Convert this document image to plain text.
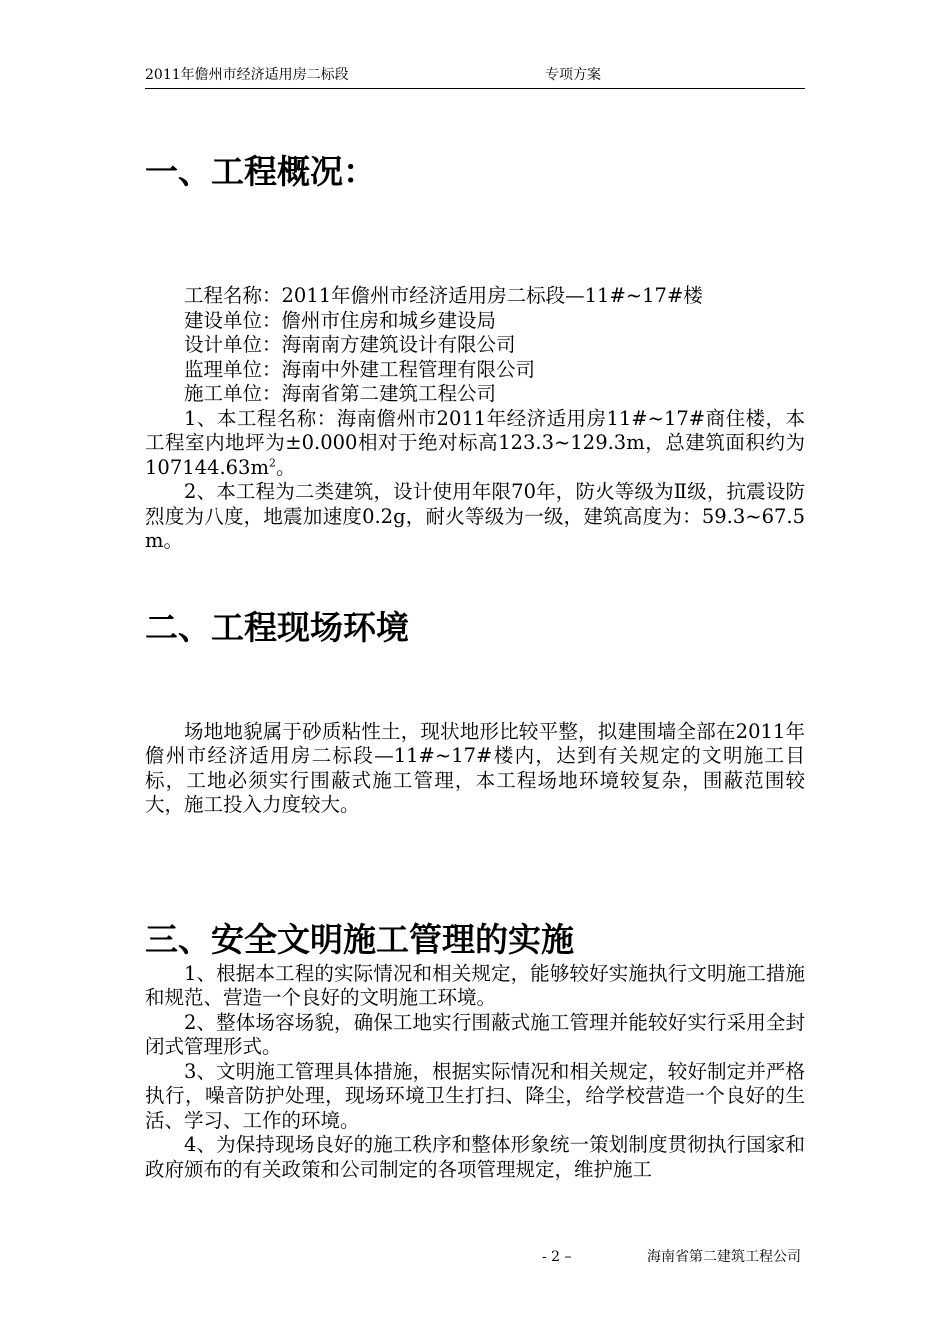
2011年儋州市经济适用房二标段	专项方案
一、工程概况：

工程名称：2011年儋州市经济适用房二标段—11#~17#楼

建设单位：儋州市住房和城乡建设局

设计单位：海南南方建筑设计有限公司

监理单位：海南中外建工程管理有限公司

施工单位：海南省第二建筑工程公司

1、本工程名称：海南儋州市2011年经济适用房11#~17#商住楼，本工程室内地坪为±0.000相对于绝对标高123.3~129.3m，总建筑面积约为$107144.63m^2$。

2、本工程为二类建筑，设计使用年限70年，防火等级为Ⅱ级，抗震设防烈度为八度，地震加速度0.2g，耐火等级为一级，建筑高度为：59.3~67.5 m。

二、工程现场环境

场地地貌属于砂质粘性土，现状地形比较平整，拟建围墙全部在2011年儋州市经济适用房二标段—11#~17#楼内，达到有关规定的文明施工目标，工地必须实行围蔽式施工管理，本工程场地环境较复杂，围蔽范围较大，施工投入力度较大。

三、安全文明施工管理的实施

1、根据本工程的实际情况和相关规定，能够较好实施执行文明施工措施和规范、营造一个良好的文明施工环境。

2、整体场容场貌，确保工地实行围蔽式施工管理并能较好实行采用全封闭式管理形式。

3、文明施工管理具体措施，根据实际情况和相关规定，较好制定并严格执行，噪音防护处理，现场环境卫生打扫、降尘，给学校营造一个良好的生活、学习、工作的环境。

4、为保持现场良好的施工秩序和整体形象统一策划制度贯彻执行国家和政府颁布的有关政策和公司制定的各项管理规定，维护施工

- 2 –	海南省第二建筑工程公司
